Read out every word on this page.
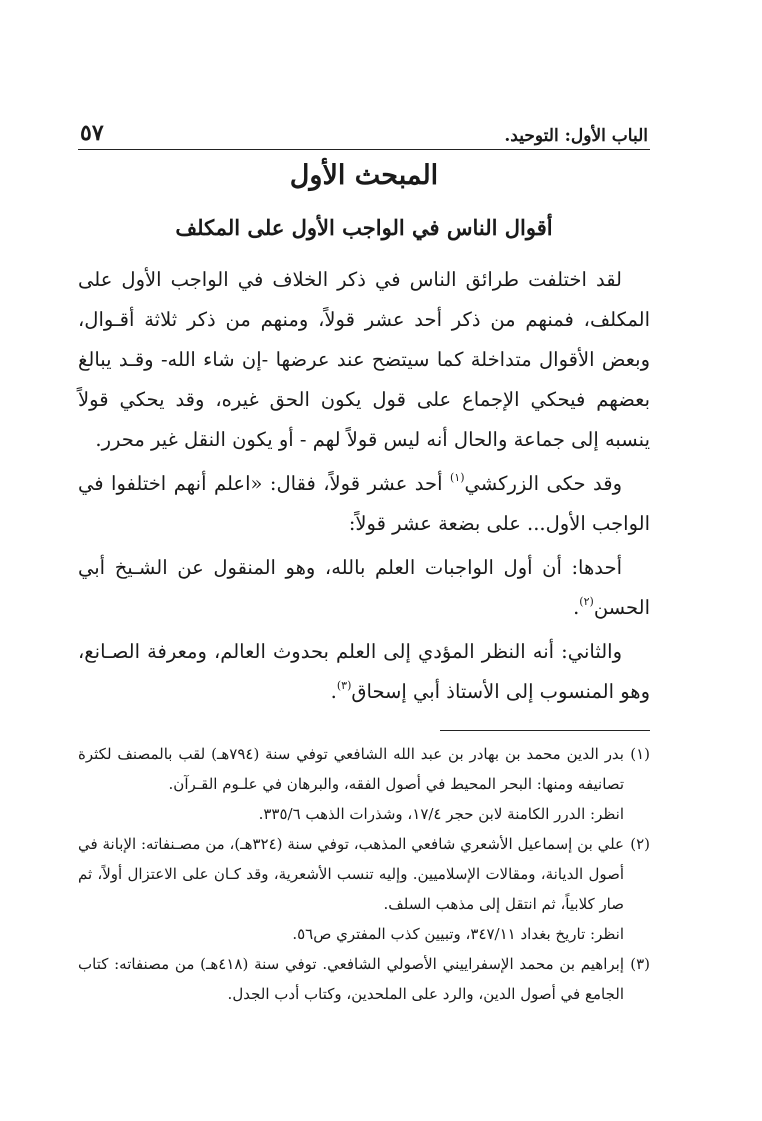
الباب الأول: التوحيد.
٥٧
المبحث الأول
أقوال الناس في الواجب الأول على المكلف

لقد اختلفت طرائق الناس في ذكر الخلاف في الواجب الأول على المكلف، فمنهم من ذكر أحد عشر قولاً، ومنهم من ذكر ثلاثة أقـوال، وبعض الأقوال متداخلة كما سيتضح عند عرضها -إن شاء الله- وقـد يبالغ بعضهم فيحكي الإجماع على قول يكون الحق غيره، وقد يحكي قولاً ينسبه إلى جماعة والحال أنه ليس قولاً لهم - أو يكون النقل غير محرر.

وقد حكى الزركشي$^{(١)}$ أحد عشر قولاً، فقال: «اعلم أنهم اختلفوا في الواجب الأول... على بضعة عشر قولاً:

أحدها: أن أول الواجبات العلم بالله، وهو المنقول عن الشـيخ أبي الحسن$^{(٢)}$.

والثاني: أنه النظر المؤدي إلى العلم بحدوث العالم، ومعرفة الصـانع، وهو المنسوب إلى الأستاذ أبي إسحاق$^{(٣)}$.

(١)
بدر الدين محمد بن بهادر بن عبد الله الشافعي توفي سنة (٧٩٤هـ) لقب بالمصنف لكثرة تصانيفه ومنها: البحر المحيط في أصول الفقه، والبرهان في علـوم القـرآن.
انظر: الدرر الكامنة لابن حجر ١٧/٤، وشذرات الذهب ٣٣٥/٦.
(٢)
علي بن إسماعيل الأشعري شافعي المذهب، توفي سنة (٣٢٤هـ)، من مصـنفاته: الإبانة في أصول الديانة، ومقالات الإسلاميين. وإليه تنسب الأشعرية، وقد كـان على الاعتزال أولاً، ثم صار كلابياً، ثم انتقل إلى مذهب السلف.
انظر: تاريخ بغداد ٣٤٧/١١، وتبيين كذب المفتري ص٥٦.
(٣)
إبراهيم بن محمد الإسفراييني الأصولي الشافعي. توفي سنة (٤١٨هـ) من مصنفاته: كتاب الجامع في أصول الدين، والرد على الملحدين، وكتاب أدب الجدل.
